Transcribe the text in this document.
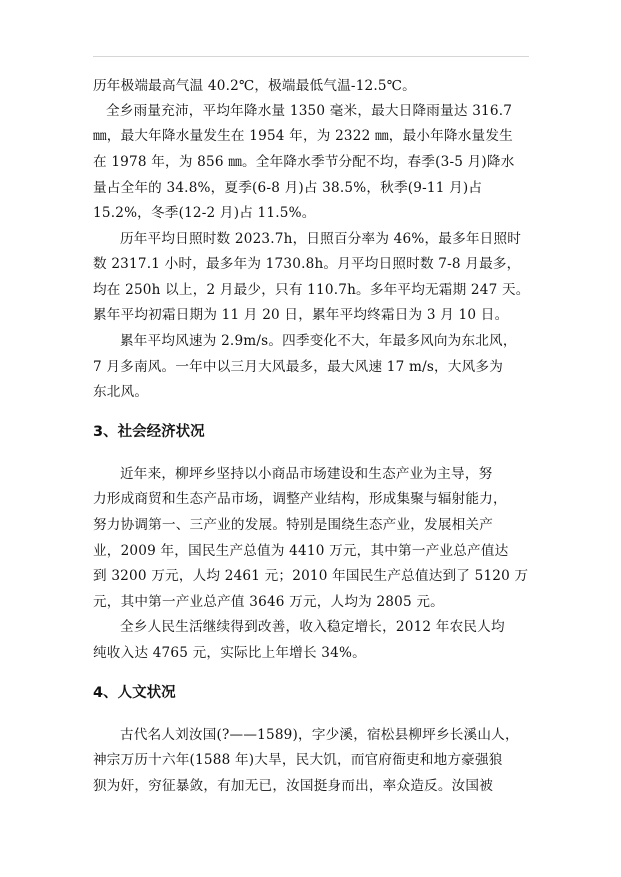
历年极端最高气温 40.2℃，极端最低气温-12.5℃。
全乡雨量充沛，平均年降水量 1350 毫米，最大日降雨量达 316.7
㎜，最大年降水量发生在 1954 年，为 2322 ㎜，最小年降水量发生
在 1978 年，为 856 ㎜。全年降水季节分配不均，春季(3-5 月)降水
量占全年的 34.8%，夏季(6-8 月)占 38.5%，秋季(9-11 月)占
15.2%，冬季(12-2 月)占 11.5%。
历年平均日照时数 2023.7h，日照百分率为 46%，最多年日照时
数 2317.1 小时，最多年为 1730.8h。月平均日照时数 7-8 月最多，
均在 250h 以上，2 月最少，只有 110.7h。多年平均无霜期 247 天。
累年平均初霜日期为 11 月 20 日，累年平均终霜日为 3 月 10 日。
累年平均风速为 2.9m/s。四季变化不大，年最多风向为东北风，
7 月多南风。一年中以三月大风最多，最大风速 17 m/s，大风多为
东北风。
3、社会经济状况
近年来，柳坪乡坚持以小商品市场建设和生态产业为主导，努
力形成商贸和生态产品市场，调整产业结构，形成集聚与辐射能力，
努力协调第一、三产业的发展。特别是围绕生态产业，发展相关产
业，2009 年，国民生产总值为 4410 万元，其中第一产业总产值达
到 3200 万元，人均 2461 元；2010 年国民生产总值达到了 5120 万
元，其中第一产业总产值 3646 万元，人均为 2805 元。
全乡人民生活继续得到改善，收入稳定增长，2012 年农民人均
纯收入达 4765 元，实际比上年增长 34%。
4、人文状况
古代名人刘汝国(?——1589)，字少溪，宿松县柳坪乡长溪山人，
神宗万历十六年(1588 年)大旱，民大饥，而官府衙吏和地方豪强狼
狈为奸，穷征暴敛，有加无已，汝国挺身而出，率众造反。汝国被
